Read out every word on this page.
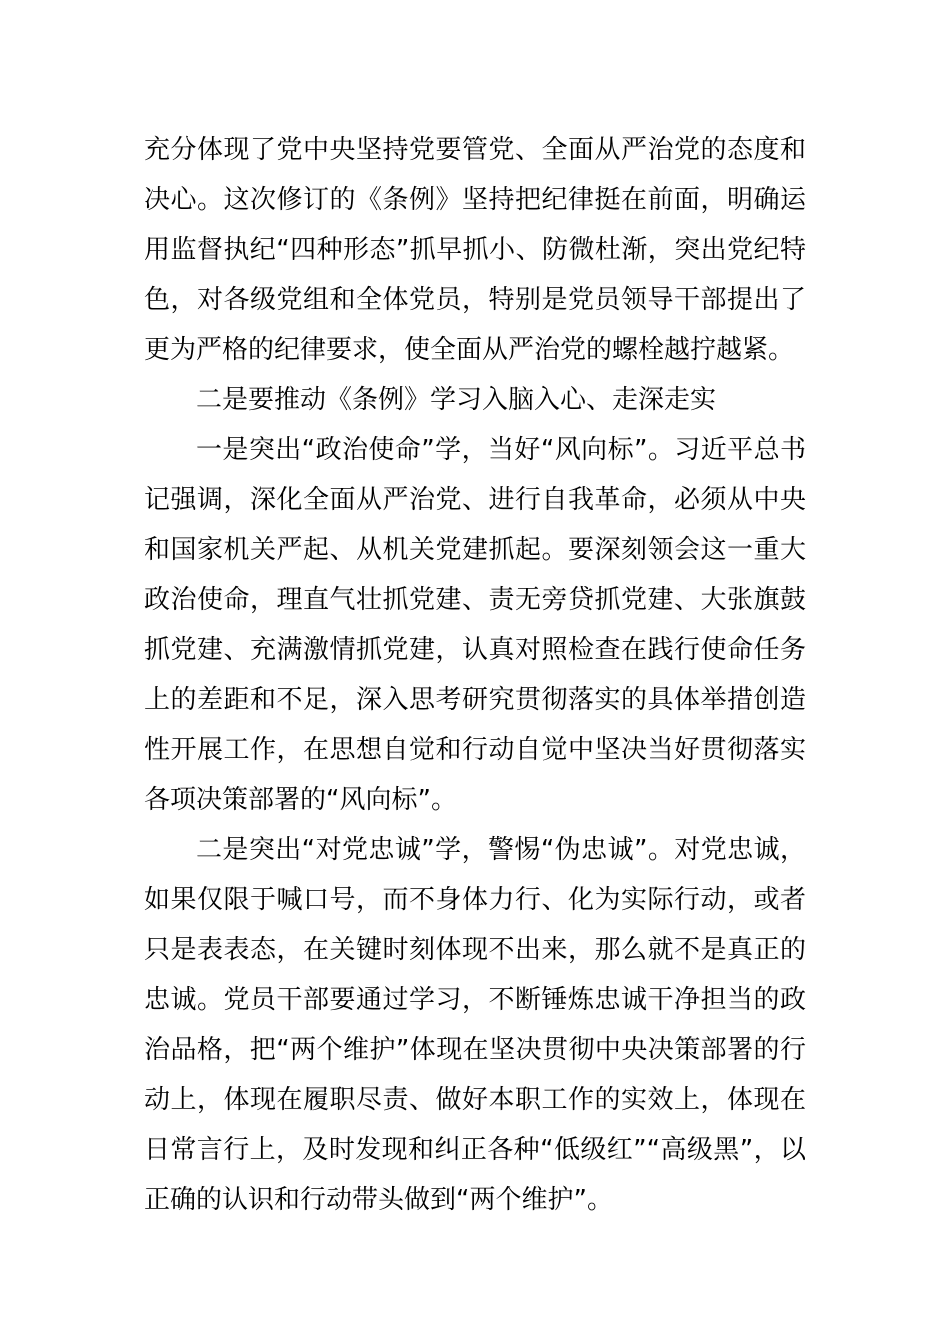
充分体现了党中央坚持党要管党、全面从严治党的态度和决心。这次修订的《条例》坚持把纪律挺在前面，明确运用监督执纪“四种形态”抓早抓小、防微杜渐，突出党纪特色，对各级党组和全体党员，特别是党员领导干部提出了更为严格的纪律要求，使全面从严治党的螺栓越拧越紧。

二是要推动《条例》学习入脑入心、走深走实

一是突出“政治使命”学，当好“风向标”。习近平总书记强调，深化全面从严治党、进行自我革命，必须从中央和国家机关严起、从机关党建抓起。要深刻领会这一重大政治使命，理直气壮抓党建、责无旁贷抓党建、大张旗鼓抓党建、充满激情抓党建，认真对照检查在践行使命任务上的差距和不足，深入思考研究贯彻落实的具体举措创造性开展工作，在思想自觉和行动自觉中坚决当好贯彻落实各项决策部署的“风向标”。

二是突出“对党忠诚”学，警惕“伪忠诚”。对党忠诚，如果仅限于喊口号，而不身体力行、化为实际行动，或者只是表表态，在关键时刻体现不出来，那么就不是真正的忠诚。党员干部要通过学习，不断锤炼忠诚干净担当的政治品格，把“两个维护”体现在坚决贯彻中央决策部署的行动上，体现在履职尽责、做好本职工作的实效上，体现在日常言行上，及时发现和纠正各种“低级红”“高级黑”，以正确的认识和行动带头做到“两个维护”。
